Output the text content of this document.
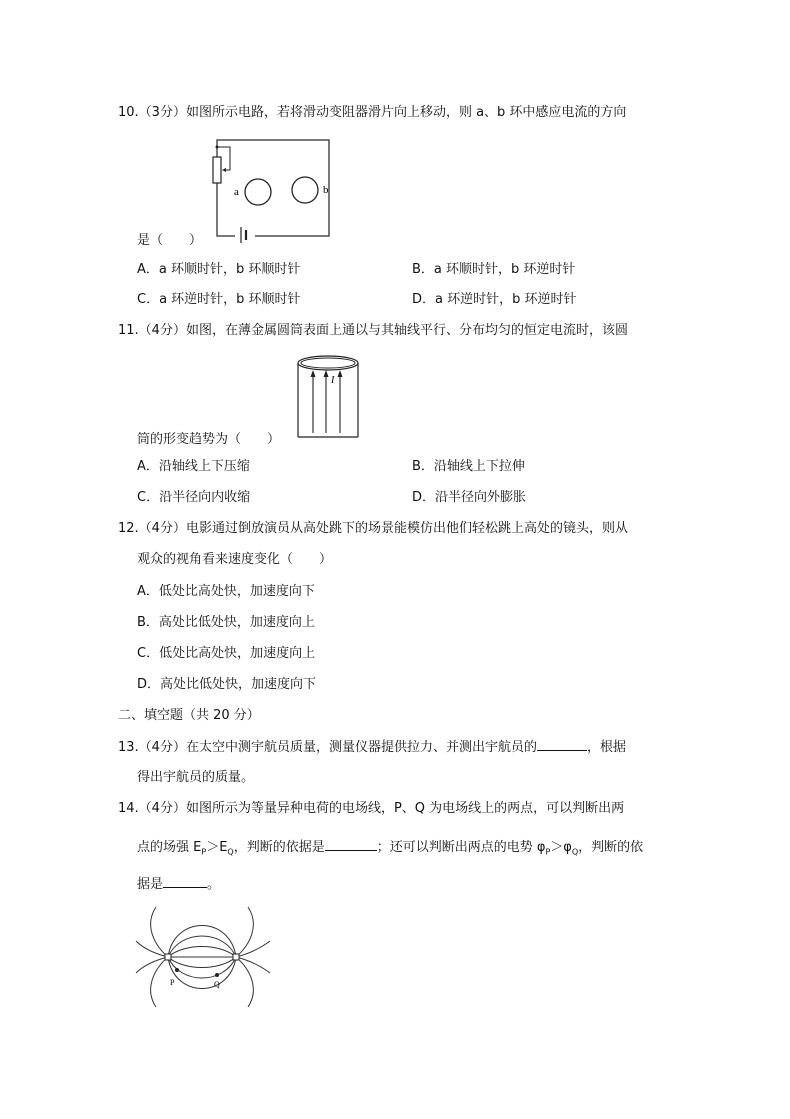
10.（3分）如图所示电路，若将滑动变阻器滑片向上移动，则 a、b 环中感应电流的方向
a	b
是（　　）
A．a 环顺时针，b 环顺时针	B．a 环顺时针，b 环逆时针
C．a 环逆时针，b 环顺时针	D．a 环逆时针，b 环逆时针
11.（4分）如图，在薄金属圆筒表面上通以与其轴线平行、分布均匀的恒定电流时，该圆
I
筒的形变趋势为（　　）
A．沿轴线上下压缩	B．沿轴线上下拉伸
C．沿半径向内收缩	D．沿半径向外膨胀
12.（4分）电影通过倒放演员从高处跳下的场景能模仿出他们轻松跳上高处的镜头，则从
观众的视角看来速度变化（　　）
A．低处比高处快，加速度向下
B．高处比低处快，加速度向上
C．低处比高处快，加速度向上
D．高处比低处快，加速度向下
二、填空题（共 20 分）
13.（4分）在太空中测宇航员质量，测量仪器提供拉力、并测出宇航员的	，根据
得出宇航员的质量。
14.（4分）如图所示为等量异种电荷的电场线，P、Q 为电场线上的两点，可以判断出两
点的场强 $E_P>E_Q$，判断的依据是	；还可以判断出两点的电势 $\varphi_P>\varphi_Q$，判断的依
据是	。
P	Q
